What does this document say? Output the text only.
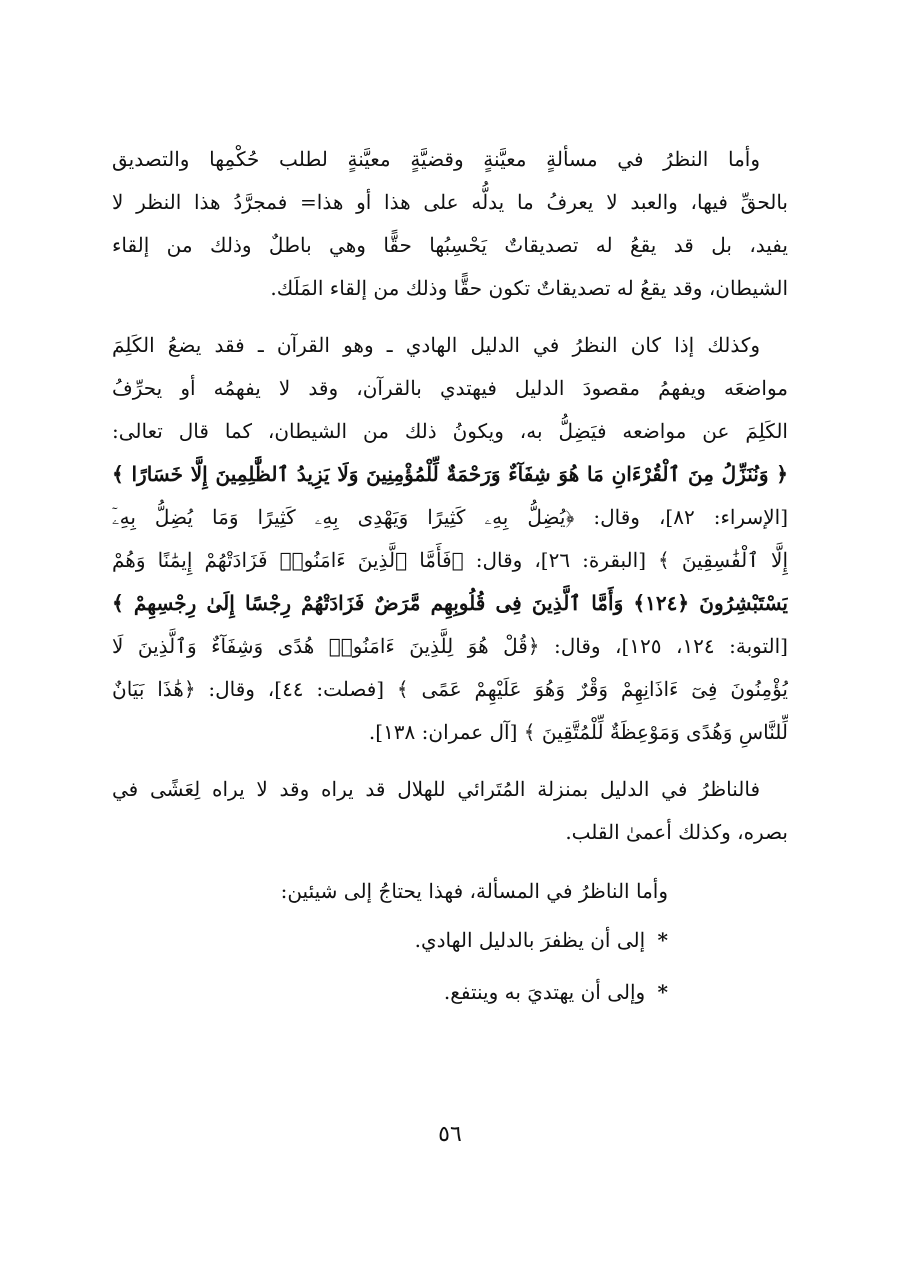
وأما النظرُ في مسألةٍ معيَّنةٍ وقضيَّةٍ معيَّنةٍ لطلب حُكْمِها والتصديق
بالحقِّ فيها، والعبد لا يعرفُ ما يدلُّه على هذا أو هذا= فمجرَّدُ هذا النظر لا
يفيد، بل قد يقعُ له تصديقاتٌ يَحْسِبُها حقًّا وهي باطلٌ وذلك من إلقاء
الشيطان، وقد يقعُ له تصديقاتٌ تكون حقًّا وذلك من إلقاء المَلَك.
وكذلك إذا كان النظرُ في الدليل الهادي ـ وهو القرآن ـ فقد يضعُ الكَلِمَ
مواضعَه ويفهمُ مقصودَ الدليل فيهتدي بالقرآن، وقد لا يفهمُه أو يحرِّفُ
الكَلِمَ عن مواضعه فيَضِلُّ به، ويكونُ ذلك من الشيطان، كما قال تعالى:
﴿ وَنُنَزِّلُ مِنَ ٱلْقُرْءَانِ مَا هُوَ شِفَآءٌ وَرَحْمَةٌ لِّلْمُؤْمِنِينَ وَلَا يَزِيدُ ٱلظَّٰلِمِينَ إِلَّا خَسَارًا ﴾
[الإسراء: ٨٢]، وقال: ﴿يُضِلُّ بِهِۦ كَثِيرًا وَيَهْدِى بِهِۦ كَثِيرًا وَمَا يُضِلُّ بِهِۦٓ
إِلَّا ٱلْفَٰسِقِينَ ﴾ [البقرة: ٢٦]، وقال: ﴿فَأَمَّا ٱلَّذِينَ ءَامَنُوا۟ فَزَادَتْهُمْ إِيمَٰنًا وَهُمْ
يَسْتَبْشِرُونَ ﴿١٢٤﴾ وَأَمَّا ٱلَّذِينَ فِى قُلُوبِهِم مَّرَضٌ فَزَادَتْهُمْ رِجْسًا إِلَىٰ رِجْسِهِمْ ﴾
[التوبة: ١٢٤، ١٢٥]، وقال: ﴿قُلْ هُوَ لِلَّذِينَ ءَامَنُوا۟ هُدًى وَشِفَآءٌ وَٱلَّذِينَ لَا
يُؤْمِنُونَ فِىٓ ءَاذَانِهِمْ وَقْرٌ وَهُوَ عَلَيْهِمْ عَمًى ﴾ [فصلت: ٤٤]، وقال: ﴿هَٰذَا بَيَانٌ
لِّلنَّاسِ وَهُدًى وَمَوْعِظَةٌ لِّلْمُتَّقِينَ ﴾ [آل عمران: ١٣٨].
فالناظرُ في الدليل بمنزلة المُتَرائي للهلال قد يراه وقد لا يراه لِعَشًى في
بصره، وكذلك أعمىٰ القلب.
وأما الناظرُ في المسألة، فهذا يحتاجُ إلى شيئين:
* إلى أن يظفرَ بالدليل الهادي.
* وإلى أن يهتديَ به وينتفع.
٥٦
